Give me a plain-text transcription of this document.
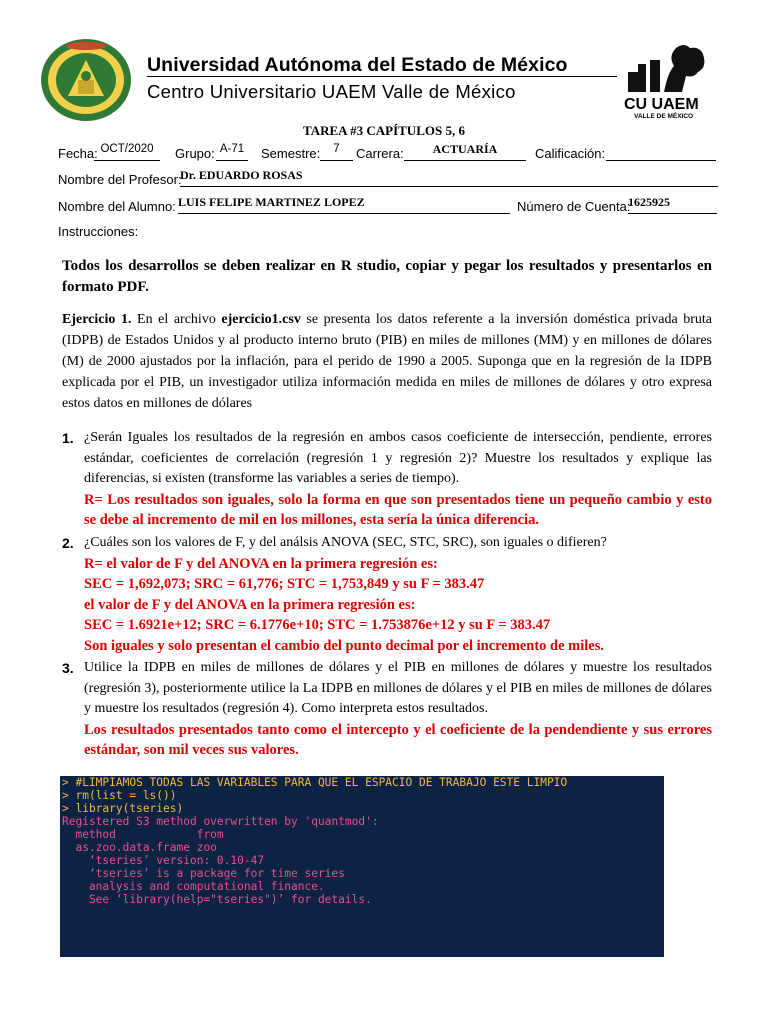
Universidad Autónoma del Estado de México
Centro Universitario UAEM Valle de México
CU UAEM
VALLE DE MÉXICO
TAREA #3 CAPÍTULOS 5, 6
Fecha: OCT/2020	Grupo: A-71 Semestre:	7	Carrera:	ACTUARÍA	Calificación:
Nombre del Profesor:
Dr. EDUARDO ROSAS
Nombre del Alumno: LUIS FELIPE MARTINEZ LOPEZ	Número de Cuenta:
1625925
Instrucciones:
Todos los desarrollos se deben realizar en R studio, copiar y pegar los resultados y presentarlos en formato PDF.
Ejercicio 1. En el archivo ejercicio1.csv se presenta los datos referente a la inversión doméstica privada bruta (IDPB) de Estados Unidos y al producto interno bruto (PIB) en miles de millones (MM) y en millones de dólares (M) de 2000 ajustados por la inflación, para el perido de 1990 a 2005. Suponga que en la regresión de la IDPB explicada por el PIB, un investigador utiliza información medida en miles de millones de dólares y otro expresa estos datos en millones de dólares
1. ¿Serán Iguales los resultados de la regresión en ambos casos coeficiente de intersección, pendiente, errores estándar, coeficientes de correlación (regresión 1 y regresión 2)? Muestre los resultados y explique las diferencias, si existen (transforme las variables a series de tiempo).
R= Los resultados son iguales, solo la forma en que son presentados tiene un pequeño cambio y esto se debe al incremento de mil en los millones, esta sería la única diferencia.
2. ¿Cuáles son los valores de F, y del análsis ANOVA (SEC, STC, SRC), son iguales o difieren?
R= el valor de F y del ANOVA en la primera regresión es:
SEC = 1,692,073; SRC = 61,776; STC = 1,753,849 y su F = 383.47
el valor de F y del ANOVA en la primera regresión es:
SEC = 1.6921e+12; SRC = 6.1776e+10; STC = 1.753876e+12 y su F = 383.47
Son iguales y solo presentan el cambio del punto decimal por el incremento de miles.
3. Utilice la IDPB en miles de millones de dólares y el PIB en millones de dólares y muestre los resultados (regresión 3), posteriormente utilice la La IDPB en millones de dólares y el PIB en miles de millones de dólares y muestre los resultados (regresión 4). Como interpreta estos resultados.
Los resultados presentados tanto como el intercepto y el coeficiente de la pendendiente y sus errores estándar, son mil veces sus valores.
> #LIMPIAMOS TODAS LAS VARIABLES PARA QUE EL ESPACIO DE TRABAJO ESTE LIMPIO
> rm(list = ls())
> library(tseries)
Registered S3 method overwritten by 'quantmod':
method            from
as.zoo.data.frame zoo
‘tseries’ version: 0.10-47
‘tseries’ is a package for time series
analysis and computational finance.
See ‘library(help="tseries")’ for details.
